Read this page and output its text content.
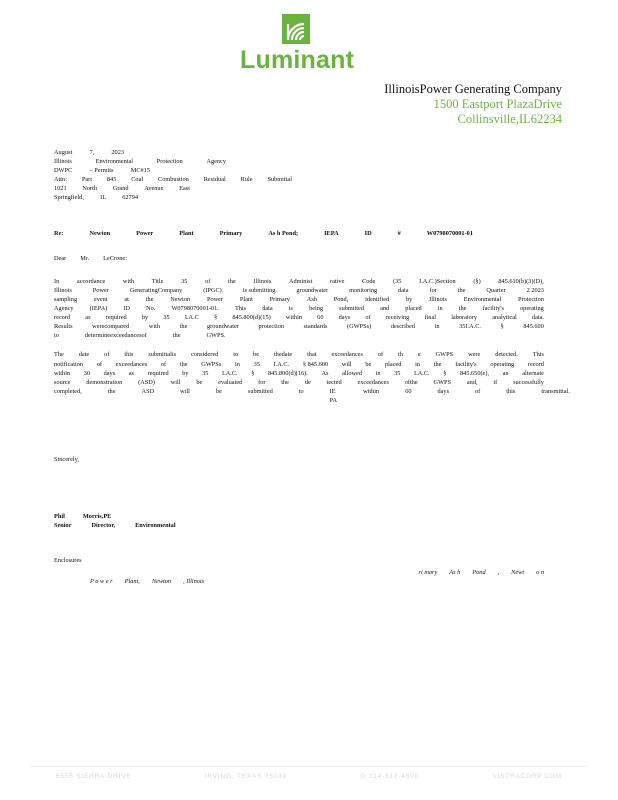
Luminant
IllinoisPower Generating Company
1500 Eastport PlazaDrive
Collinsville,IL62234
August	7,	2023
Illinois	Environmental	Protection	Agency
DWPC	– Permits	MC#15
Attn: Part 845 Coal Combustion Residual Rule Submittal
1021 North Grand Avenue East
Springfield,	IL	62794
Re:	Newton	Power	Plant	Primary	As h Pond;	IEPA	ID	#	W0798070001-01
Dear Mr. LeCrone:
In	accordance	with	Title	35	of	the	Illinois	Administ	rative	Code	(35	I.A.C.)Section	(§)	845.610(b)(3)(D),
Illinois	Power	GeneratingCompany	(IPGC)	is submitting	groundwater	monitoring	data	for	the	Quarter	2 2023
sampling	event	at	the	Newton	Power	Plant	Primary	Ash	Pond,	identified	by	Illinois	Environmental	Protection
Agency	(IEPA)	ID	No.	W0798070001-01.	This	data	is	being	submitted	and	placed	in	the	facility's	operating
record as required by 35 I.A.C § 845.800(d)(15) within 60 days of receiving final laboratory analytical data.
Results	werecompared	with	the	groundwater	protection	standards	(GWPSs)	described	in	35I.A.C.	§	845.600
to	determineexceedancesof	the	GWPS.
The date of this submittalis considered to be thedate that exceedances of th e GWPS were detected. This
notification of exceedances of the GWPSs in 35 I.A.C. § 845.600 will be placed in the facility's operating record
within 30 days as required by 35 I.A.C. § 845.800(d)(16). As allowed in 35 I.A.C. § 845.650(e), an alternate
source	demonstration	(ASD)	will	be	evaluated	for	the	de	tected	exceedances	ofthe	GWPS	and,	if	successfully
completed,	the	ASD	will	be	submitted	to	IE PA
within	60	days	of	this	transmittal.
Sincerely,
Phil	Morris,PE
Senior	Director,	Environmental
Enclosures
ri mary As h Pond , Newt o n
P o w e r Plant, Newton , Illinois
6555 SIERRA DRIVE	IRVING, TEXAS 75039	O 214-812-4600	VISTRACORP.COM
